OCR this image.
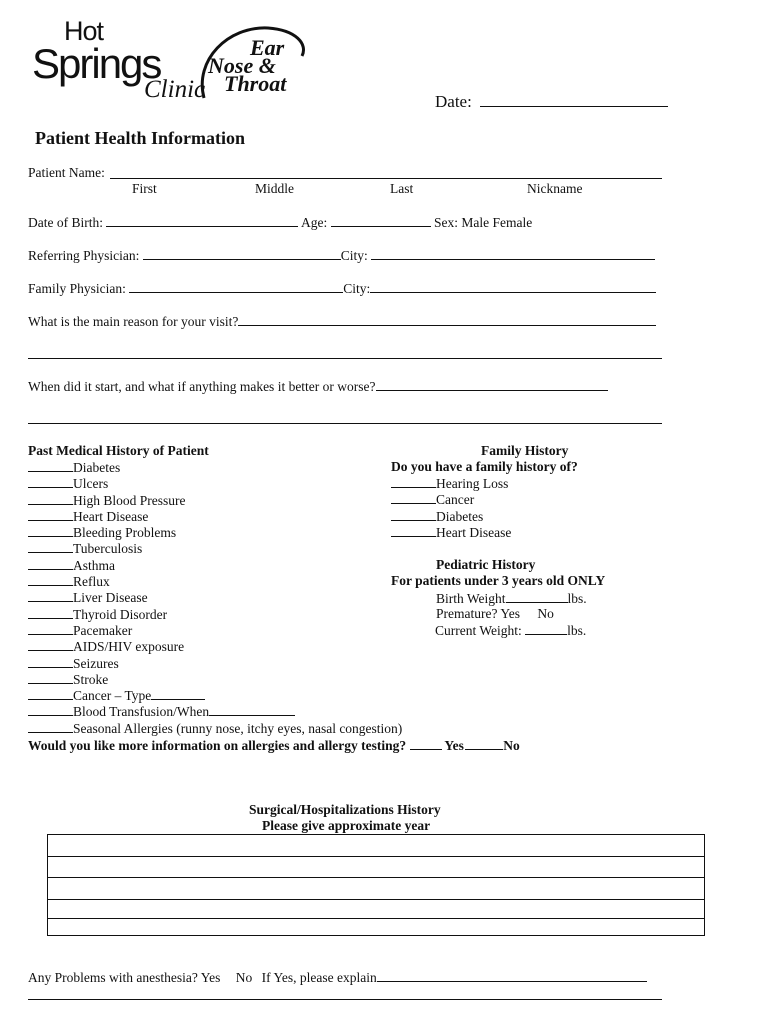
Hot
Springs
Clinic
Ear
Nose &
Throat
Date:
Patient Health Information
Patient Name:
First	Middle	Last	Nickname
Date of Birth:	Age:	Sex: Male Female
Referring Physician:	City:
Family Physician:	City:
What is the main reason for your visit?
When did it start, and what if anything makes it better or worse?
Past Medical History of Patient
Diabetes
Ulcers
High Blood Pressure
Heart Disease
Bleeding Problems
Tuberculosis
Asthma
Reflux
Liver Disease
Thyroid Disorder
Pacemaker
AIDS/HIV exposure
Seizures
Stroke
Cancer – Type
Blood Transfusion/When
Seasonal Allergies (runny nose, itchy eyes, nasal congestion)
Would you like more information on allergies and allergy testing?	Yes	No
Family History
Do you have a family history of?
Hearing Loss
Cancer
Diabetes
Heart Disease
Pediatric History
For patients under 3 years old ONLY
Birth Weight	lbs.
Premature? Yes No
Current Weight:	lbs.
Surgical/Hospitalizations History
Please give approximate year
Any Problems with anesthesia? Yes No If Yes, please explain
